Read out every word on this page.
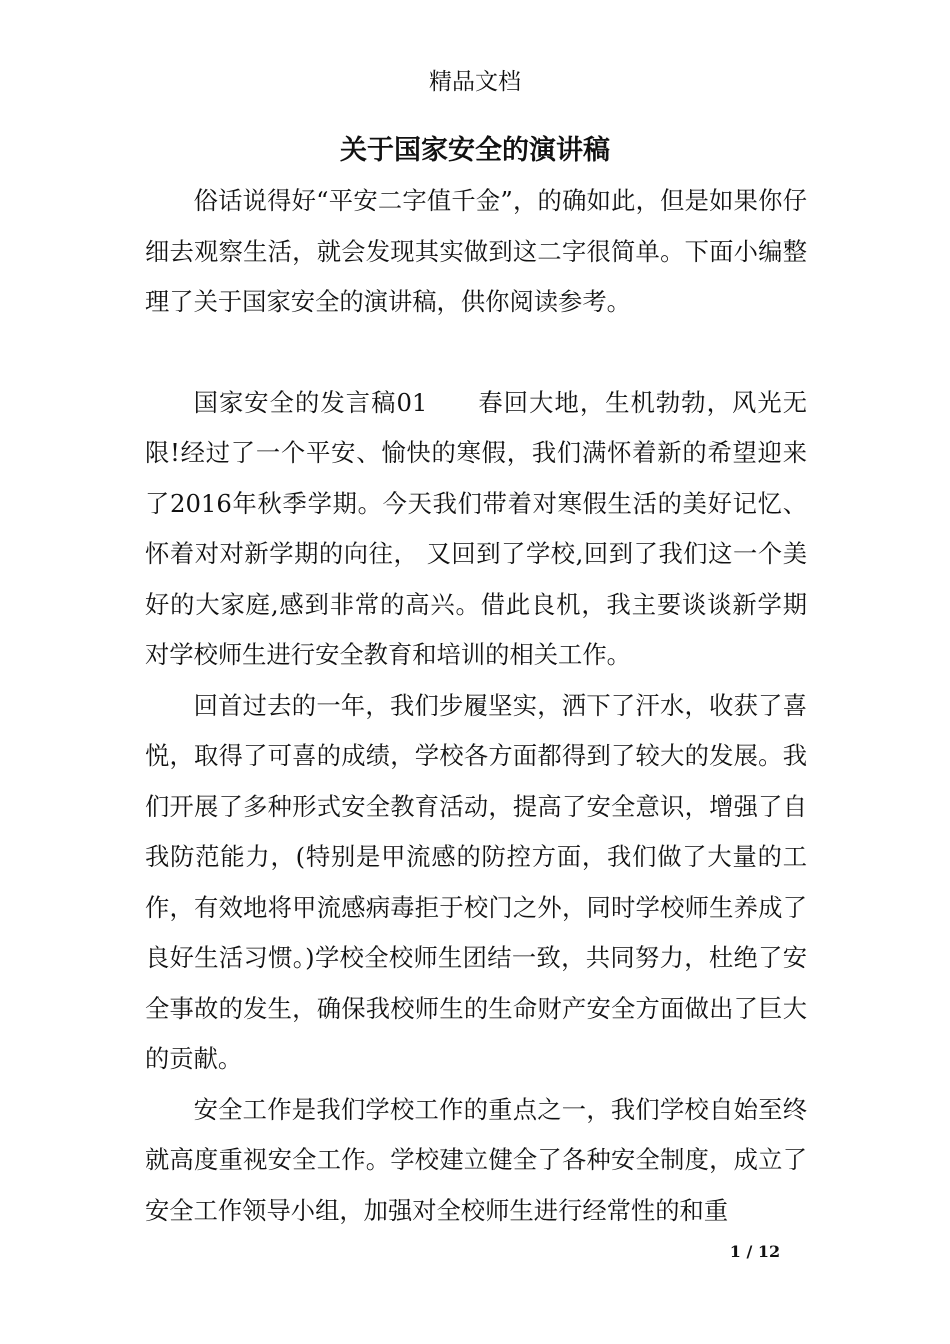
精品文档
关于国家安全的演讲稿

俗话说得好“平安二字值千金”，的确如此，但是如果你仔细去观察生活，就会发现其实做到这二字很简单。下面小编整理了关于国家安全的演讲稿，供你阅读参考。

国家安全的发言稿01 春回大地，生机勃勃，风光无限!经过了一个平安、愉快的寒假，我们满怀着新的希望迎来了2016年秋季学期。今天我们带着对寒假生活的美好记忆、怀着对对新学期的向往， 又回到了学校,回到了我们这一个美好的大家庭,感到非常的高兴。借此良机，我主要谈谈新学期对学校师生进行安全教育和培训的相关工作。

回首过去的一年，我们步履坚实，洒下了汗水，收获了喜悦，取得了可喜的成绩，学校各方面都得到了较大的发展。我们开展了多种形式安全教育活动，提高了安全意识，增强了自我防范能力，(特别是甲流感的防控方面，我们做了大量的工作，有效地将甲流感病毒拒于校门之外，同时学校师生养成了良好生活习惯。)学校全校师生团结一致，共同努力，杜绝了安全事故的发生，确保我校师生的生命财产安全方面做出了巨大的贡献。

安全工作是我们学校工作的重点之一，我们学校自始至终就高度重视安全工作。学校建立健全了各种安全制度，成立了安全工作领导小组，加强对全校师生进行经常性的和重

1 / 12
